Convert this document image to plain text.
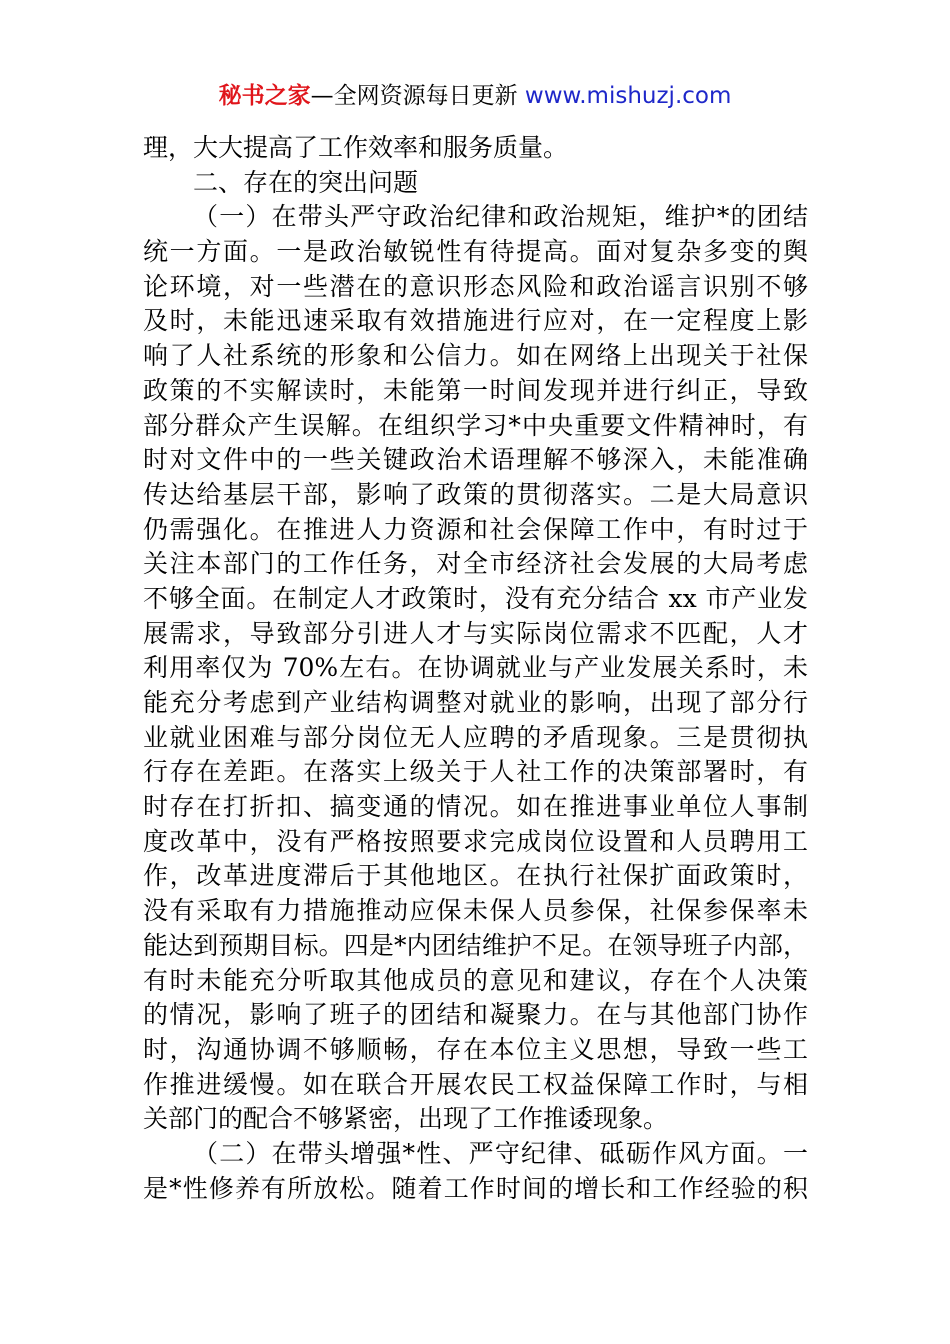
秘书之家—全网资源每日更新 www.mishuzj.com
理，大大提高了工作效率和服务质量。
二、存在的突出问题
（一）在带头严守政治纪律和政治规矩，维护*的团结
统一方面。一是政治敏锐性有待提高。面对复杂多变的舆
论环境，对一些潜在的意识形态风险和政治谣言识别不够
及时，未能迅速采取有效措施进行应对，在一定程度上影
响了人社系统的形象和公信力。如在网络上出现关于社保
政策的不实解读时，未能第一时间发现并进行纠正，导致
部分群众产生误解。在组织学习*中央重要文件精神时，有
时对文件中的一些关键政治术语理解不够深入，未能准确
传达给基层干部，影响了政策的贯彻落实。二是大局意识
仍需强化。在推进人力资源和社会保障工作中，有时过于
关注本部门的工作任务，对全市经济社会发展的大局考虑
不够全面。在制定人才政策时，没有充分结合 xx 市产业发
展需求，导致部分引进人才与实际岗位需求不匹配，人才
利用率仅为 70%左右。在协调就业与产业发展关系时，未
能充分考虑到产业结构调整对就业的影响，出现了部分行
业就业困难与部分岗位无人应聘的矛盾现象。三是贯彻执
行存在差距。在落实上级关于人社工作的决策部署时，有
时存在打折扣、搞变通的情况。如在推进事业单位人事制
度改革中，没有严格按照要求完成岗位设置和人员聘用工
作，改革进度滞后于其他地区。在执行社保扩面政策时，
没有采取有力措施推动应保未保人员参保，社保参保率未
能达到预期目标。四是*内团结维护不足。在领导班子内部，
有时未能充分听取其他成员的意见和建议，存在个人决策
的情况，影响了班子的团结和凝聚力。在与其他部门协作
时，沟通协调不够顺畅，存在本位主义思想，导致一些工
作推进缓慢。如在联合开展农民工权益保障工作时，与相
关部门的配合不够紧密，出现了工作推诿现象。
（二）在带头增强*性、严守纪律、砥砺作风方面。一
是*性修养有所放松。随着工作时间的增长和工作经验的积
